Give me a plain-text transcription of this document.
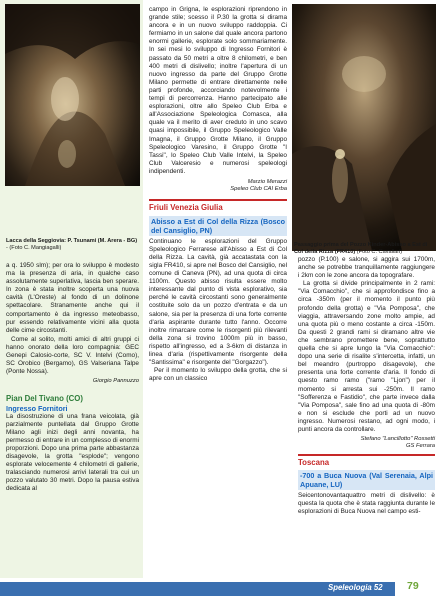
Lacca della Seggiovia: P. Tsunami (M. Arera - BG) - (Foto C. Mangiagalli)	Passaggio prima del Pozzo Kinder-Abisso a Est di Col della Rizza (FR410) (Foto C. Cavallari)

a q. 1950 slm); per ora lo sviluppo è modesto ma la presenza di aria, in qualche caso assolutamente superlativa, lascia ben sperare. In zona è stata inoltre scoperta una nuova cavità (L'Oreste) al fondo di un dolinone spettacolare. Stranamente anche qui il comportamento è da ingresso meteobasso, pur essendo relativamente vicini alla quota delle cime circostanti.

Come al solito, molti amici di altri gruppi ci hanno onorato della loro compagnia: GEC Genepi Calosio-corte, SC V. Intelvi (Como), SC Orobico (Bergamo), GS Valseriana Talpe (Ponte Nossa).

Giorgio Pannuzzo

Pian Del Tivano (CO)
Ingresso Fornitori

La disostruzione di una frana veicolata, già parzialmente puntellata dal Gruppo Grotte Milano agli inizi degli anni novanta, ha permesso di entrare in un complesso di enormi proporzioni. Dopo una prima parte abbastanza disagevole, la grotta "esplode"; vengono esplorate velocemente 4 chilometri di gallerie, tralasciando numerosi arrivi laterali tra cui un pozzo valutato 30 metri. Dopo la pausa estiva dedicata al

campo in Grigna, le esplorazioni riprendono in grande stile; scesso il P.30 la grotta si dirama ancora e in un nuovo sviluppo raddoppia. Ci fermiamo in un salone dal quale ancora partono enormi gallerie, esplorate solo sommariamente. In sei mesi lo sviluppo di Ingresso Fornitori è passato da 50 metri a oltre 8 chilometri, e ben 400 metri di dislivello; inoltre l'apertura di un nuovo ingresso da parte del Gruppo Grotte Milano permette di entrare direttamente nelle parti profonde, accorciando notevolmente i tempi di percorrenza. Hanno partecipato alle esplorazioni, oltre allo Speleo Club Erba e all'Associazione Speleologica Comasca, alla quale va il merito di aver creduto in uno scavo quasi impossibile, il Gruppo Speleologico Valle Imagna, il Gruppo Grotte Milano, il Gruppo Speleologico Varesino, il Gruppo Grotte "I Tassi", lo Speleo Club Valle Intelvi, la Speleo Club Valceresio e numerosi speleologi indipendenti.

Marzio Merazzi

Speleo Club CAI Erba

Friuli Venezia Giulia
Abisso a Est di Col della Rizza (Bosco del Cansiglio, PN)

Continuano le esplorazioni del Gruppo Speleologico Ferrarese all'Abisso a Est di Col della Rizza. La cavità, già accatastata con la sigla FR410, si apre nel Bosco del Cansiglio, nel comune di Caneva (PN), ad una quota di circa 1100m. Questo abisso risulta essere molto interessante dal punto di vista esplorativo, sia perché le cavità circostanti sono generalmente costituite solo da un pozzo d'entrata e da un salone, sia per la presenza di una forte corrente d'aria aspirante durante tutto l'anno. Occorre inoltre rimarcare come le risorgenti più rilevanti della zona si trovino 1000m più in basso, rispetto all'ingresso, ed a 3-6km di distanza in linea d'aria (rispettivamente risorgente della "Santissima" e risorgente del "Gorgazzo").

Per il momento lo sviluppo della grotta, che si apre con un classico

pozzo (P.100) e salone, si aggira sui 1700m, anche se potrebbe tranquillamente raggiungere i 2km con le zone ancora da topografare.

La grotta si divide principalmente in 2 rami: "Via Comacchio", che si approfondisce fino a circa -350m (per il momento il punto più profondo della grotta) e "Via Pomposa", che viaggia, attraversando zone molto ampie, ad una quota più o meno costante a circa -150m. Da questi 2 grandi rami si diramano altre vie che sembrano promettere bene, soprattutto quella che si apre lungo la "Via Comacchio": dopo una serie di risalite s'intercetta, infatti, un bel meandro (purtroppo disagevole), che presenta una forte corrente d'aria. Il fondo di questo ramo ramo ("ramo "Ljon") per il momento si arresta sui -250m. Il ramo "Sofferenza e Fastidio", che parte invece dalla "Via Pomposa", sale fino ad una quota di -80m e non si esclude che porti ad un nuovo ingresso. Numerosi restano, ad ogni modo, i punti ancora da controllare.

Stefano "Lancillotto" Rossetti

GS Ferrara

Toscana
-700 a Buca Nuova (Val Serenaia, Alpi Apuane, LU)

Seicentonovantaquattro metri di dislivello: è questa la quota che è stata raggiunta durante le esplorazioni di Buca Nuova nel campo esti-

Speleologia 52 79
